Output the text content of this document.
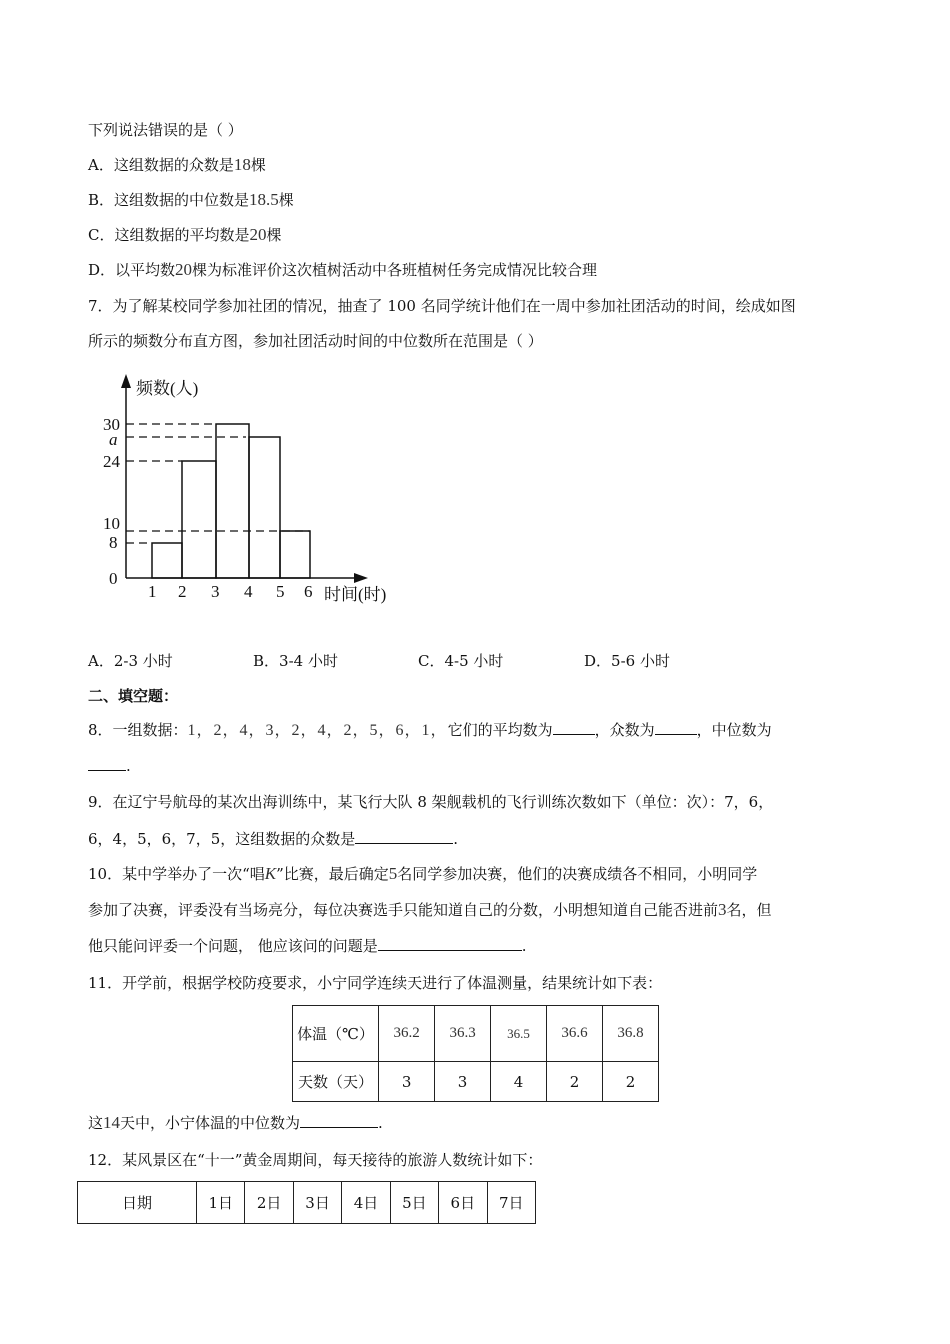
下列说法错误的是（ ）
A．这组数据的众数是18棵
B．这组数据的中位数是18.5棵
C．这组数据的平均数是20棵
D．以平均数20棵为标准评价这次植树活动中各班植树任务完成情况比较合理
7．为了解某校同学参加社团的情况，抽查了 100 名同学统计他们在一周中参加社团活动的时间，绘成如图
所示的频数分布直方图，参加社团活动时间的中位数所在范围是（ ）
30
a
24
10
8
0
1 2 3 4 5 6
频数(人)
时间(时)
A．2-3 小时	B．3-4 小时	C．4-5 小时	D．5-6 小时
二、填空题：
8．一组数据：1，2，4，3，2，4，2，5，6，1，它们的平均数为	，众数为	，中位数为
.
9．在辽宁号航母的某次出海训练中，某飞行大队 8 架舰载机的飞行训练次数如下（单位：次）：7，6，
6，4，5，6，7，5，这组数据的众数是	.
10．某中学举办了一次“唱K”比赛，最后确定5名同学参加决赛，他们的决赛成绩各不相同，小明同学
参加了决赛，评委没有当场亮分，每位决赛选手只能知道自己的分数，小明想知道自己能否进前3名，但
他只能问评委一个问题， 他应该问的问题是	.
11．开学前，根据学校防疫要求，小宁同学连续天进行了体温测量，结果统计如下表：
体温（℃）	36.2	36.3	36.5	36.6	36.8
天数（天）	3	3	4	2	2
这14天中，小宁体温的中位数为	.
12．某风景区在“十一”黄金周期间，每天接待的旅游人数统计如下：
日期	1日	2日	3日	4日	5日	6日	7日
